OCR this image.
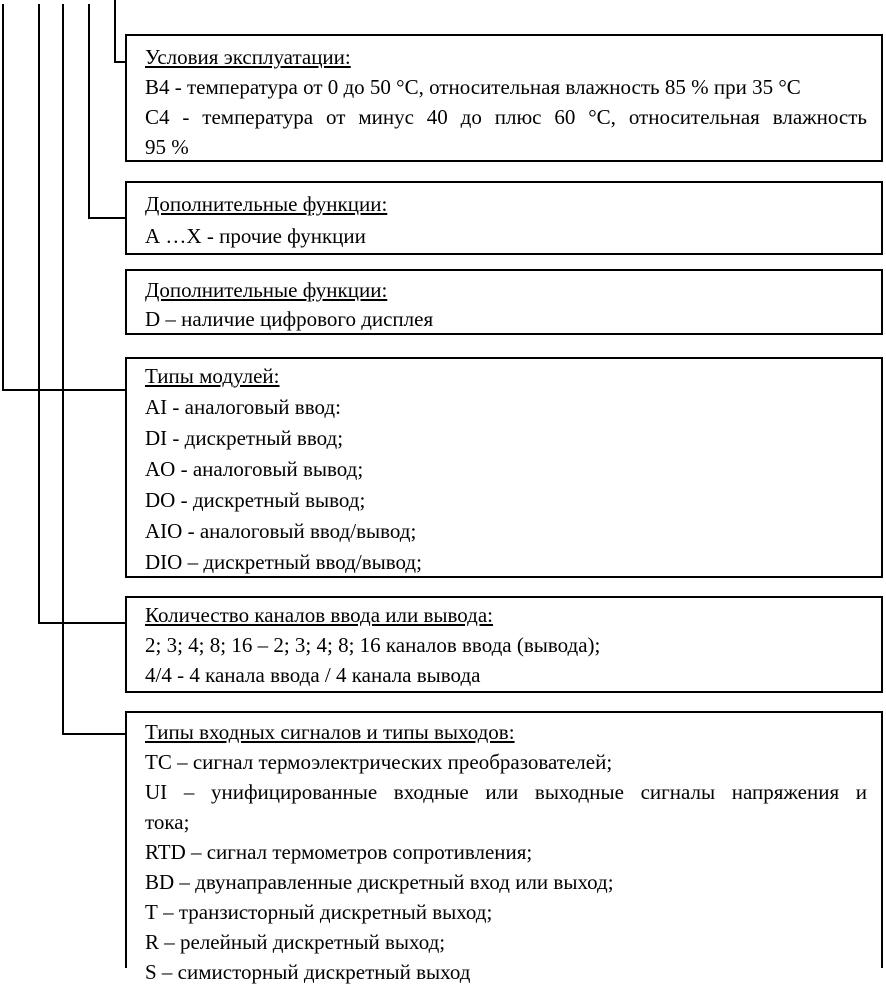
Условия эксплуатации:
В4 - температура от 0 до 50 °С, относительная влажность 85 % при 35 °С
С4 - температура от минус 40 до плюс 60 °С, относительная влажность
95 %
Дополнительные функции:
А …Х - прочие функции
Дополнительные функции:
D – наличие цифрового дисплея
Типы модулей:
AI - аналоговый ввод:
DI - дискретный ввод;
AO - аналоговый вывод;
DO - дискретный вывод;
AIO - аналоговый ввод/вывод;
DIO – дискретный ввод/вывод;
Количество каналов ввода или вывода:
2; 3; 4; 8; 16 – 2; 3; 4; 8; 16 каналов ввода (вывода);
4/4 - 4 канала ввода / 4 канала вывода
Типы входных сигналов и типы выходов:
ТС – сигнал термоэлектрических преобразователей;
UI – унифицированные входные или выходные сигналы напряжения и
тока;
RTD – сигнал термометров сопротивления;
BD – двунаправленные дискретный вход или выход;
Т – транзисторный дискретный выход;
R – релейный дискретный выход;
S – симисторный дискретный выход
